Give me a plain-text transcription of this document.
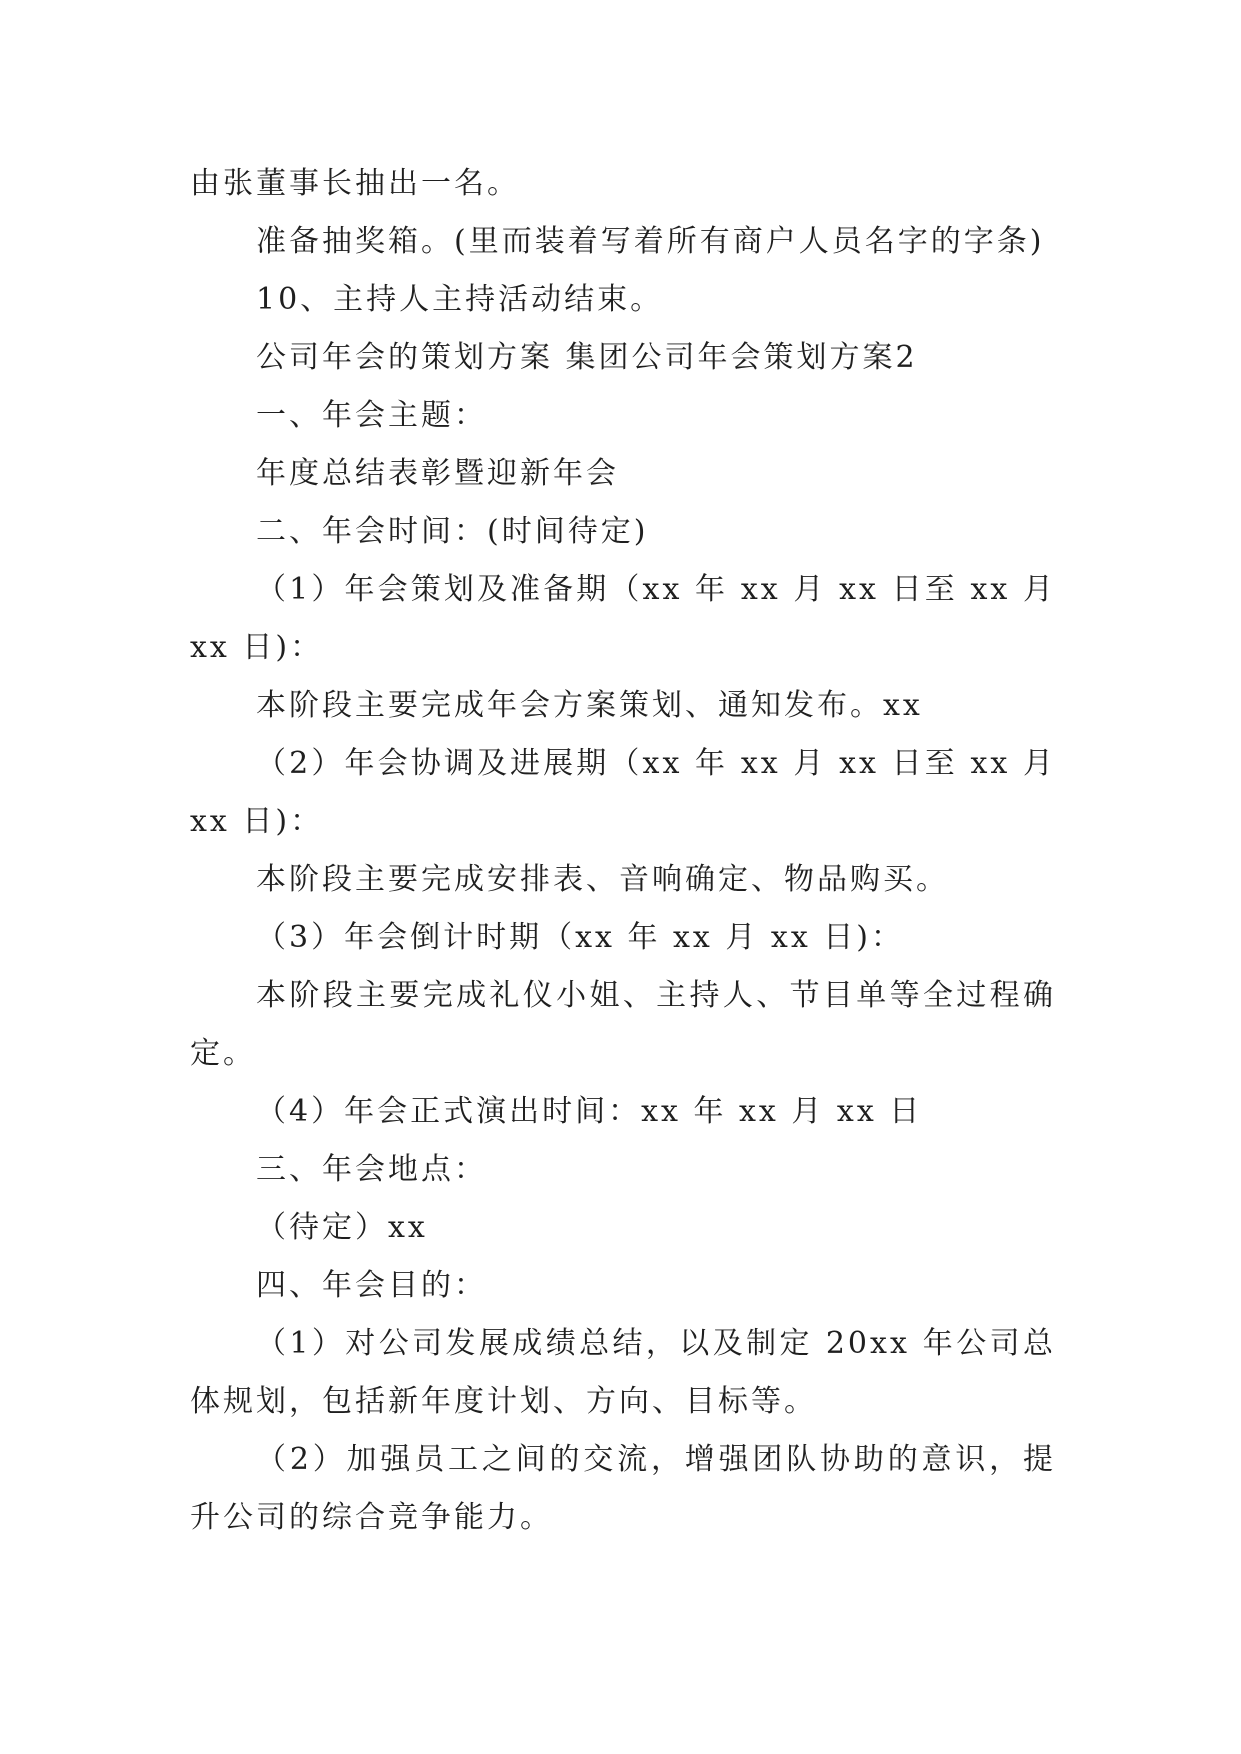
由张董事长抽出一名。
准备抽奖箱。(里而装着写着所有商户人员名字的字条)
10、主持人主持活动结束。
公司年会的策划方案 集团公司年会策划方案2
一、年会主题：
年度总结表彰暨迎新年会
二、年会时间：(时间待定)

（1）年会策划及准备期（xx 年 xx 月 xx 日至 xx 月 xx 日)：

本阶段主要完成年会方案策划、通知发布。xx

（2）年会协调及进展期（xx 年 xx 月 xx 日至 xx 月 xx 日)：

本阶段主要完成安排表、音响确定、物品购买。
（3）年会倒计时期（xx 年 xx 月 xx 日)：

本阶段主要完成礼仪小姐、主持人、节目单等全过程确定。

（4）年会正式演出时间：xx 年 xx 月 xx 日
三、年会地点：
（待定）xx
四、年会目的：

（1）对公司发展成绩总结，以及制定 20xx 年公司总体规划，包括新年度计划、方向、目标等。

（2）加强员工之间的交流，增强团队协助的意识，提升公司的综合竞争能力。
